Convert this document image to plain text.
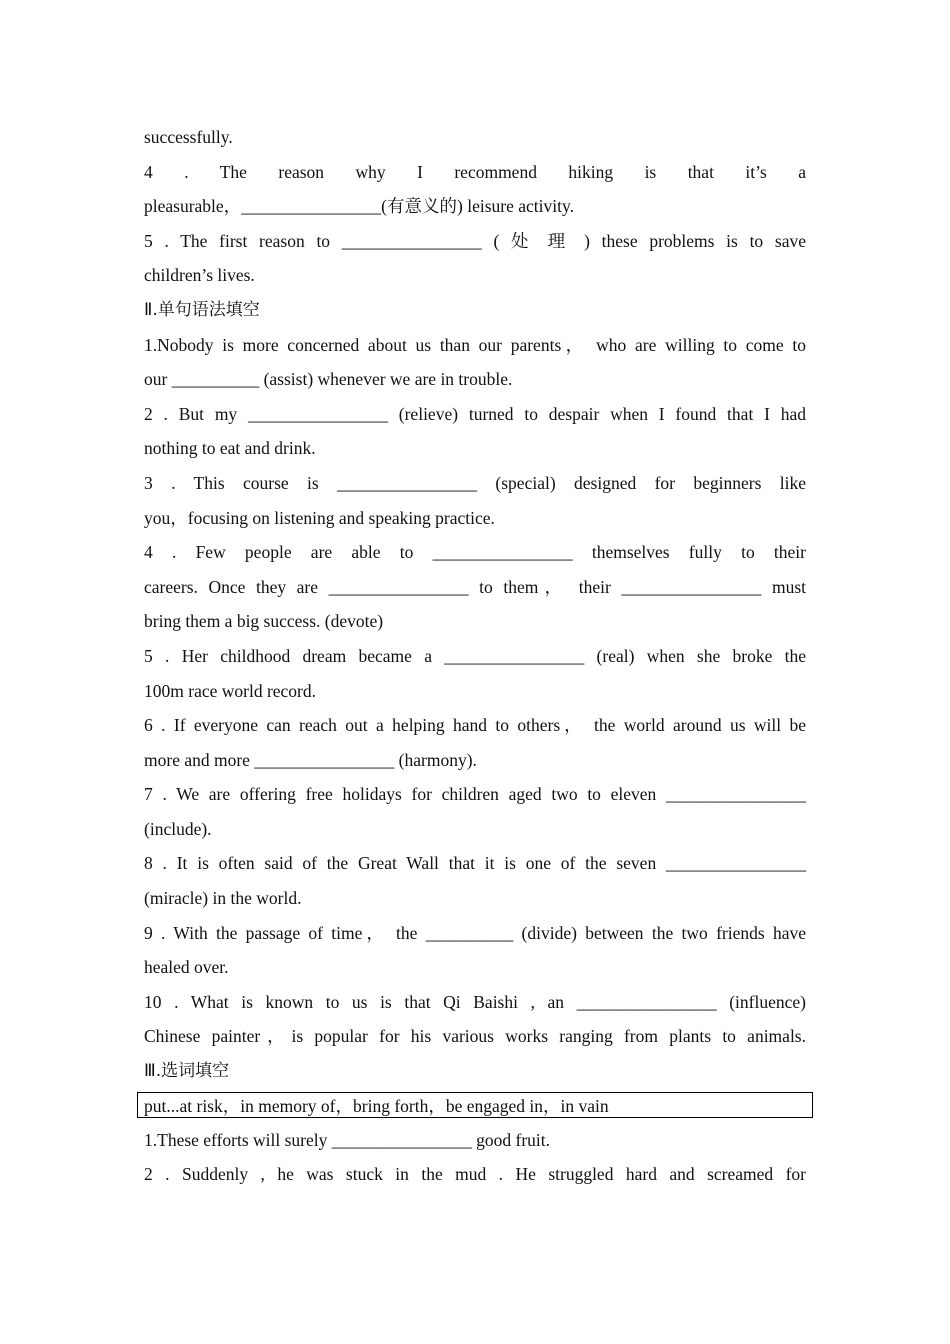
successfully.
4 . The reason why I recommend hiking is that it’s a
pleasurable，________________(有意义的) leisure activity.
5 . The first reason to ________________ ( 处 理 ) these problems is to save
children’s lives.
Ⅱ.单句语法填空
1.Nobody is more concerned about us than our parents， who are willing to come to
our __________ (assist) whenever we are in trouble.
2 . But my ________________ (relieve) turned to despair when I found that I had
nothing to eat and drink.
3 . This course is ________________ (special) designed for beginners like
you，focusing on listening and speaking practice.
4 . Few people are able to ________________ themselves fully to their
careers. Once they are ________________ to them， their ________________ must
bring them a big success. (devote)
5 . Her childhood dream became a ________________ (real) when she broke the
100m race world record.
6 . If everyone can reach out a helping hand to others， the world around us will be
more and more ________________ (harmony).
7 . We are offering free holidays for children aged two to eleven ________________
(include).
8 . It is often said of the Great Wall that it is one of the seven ________________
(miracle) in the world.
9 . With the passage of time， the __________ (divide) between the two friends have
healed over.
10 . What is known to us is that Qi Baishi , an ________________ (influence)
Chinese painter，is popular for his various works ranging from plants to animals.
Ⅲ.选词填空
put...at risk，in memory of，bring forth，be engaged in，in vain
1.These efforts will surely ________________ good fruit.
2 . Suddenly , he was stuck in the mud . He struggled hard and screamed for
